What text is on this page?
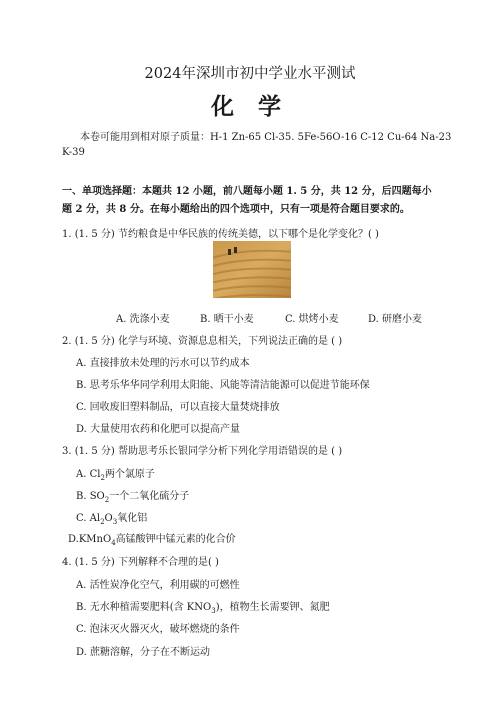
2024年深圳市初中学业水平测试
化 学
本卷可能用到相对原子质量：H-1 Zn-65 Cl-35. 5Fe-56O-16 C-12 Cu-64 Na-23
K-39
一、单项选择题：本题共 12 小题，前八题每小题 1. 5 分，共 12 分，后四题每小题 2 分，共 8 分。在每小题给出的四个选项中，只有一项是符合题目要求的。
1. (1. 5 分) 节约粮食是中华民族的传统美德，以下哪个是化学变化？( )
A. 洗涤小麦	B. 晒干小麦	C. 烘烤小麦	D. 研磨小麦
2. (1. 5 分) 化学与环境、资源息息相关，下列说法正确的是 ( )
A. 直接排放未处理的污水可以节约成本
B. 思考乐华华同学利用太阳能、风能等清洁能源可以促进节能环保
C. 回收废旧塑料制品，可以直接大量焚烧排放
D. 大量使用农药和化肥可以提高产量
3. (1. 5 分) 帮助思考乐长银同学分析下列化学用语错误的是 ( )
A. $Cl_2$两个氯原子
B. $SO_2$一个二氧化硫分子
C. $Al_2O_3$氧化铝
D.KMnO$_4$高锰酸钾中锰元素的化合价
4. (1. 5 分) 下列解释不合理的是( )
A. 活性炭净化空气，利用碳的可燃性
B. 无水种植需要肥料(含 $KNO_3$)，植物生长需要钾、氮肥
C. 泡沫灭火器灭火，破坏燃烧的条件
D. 蔗糖溶解，分子在不断运动
